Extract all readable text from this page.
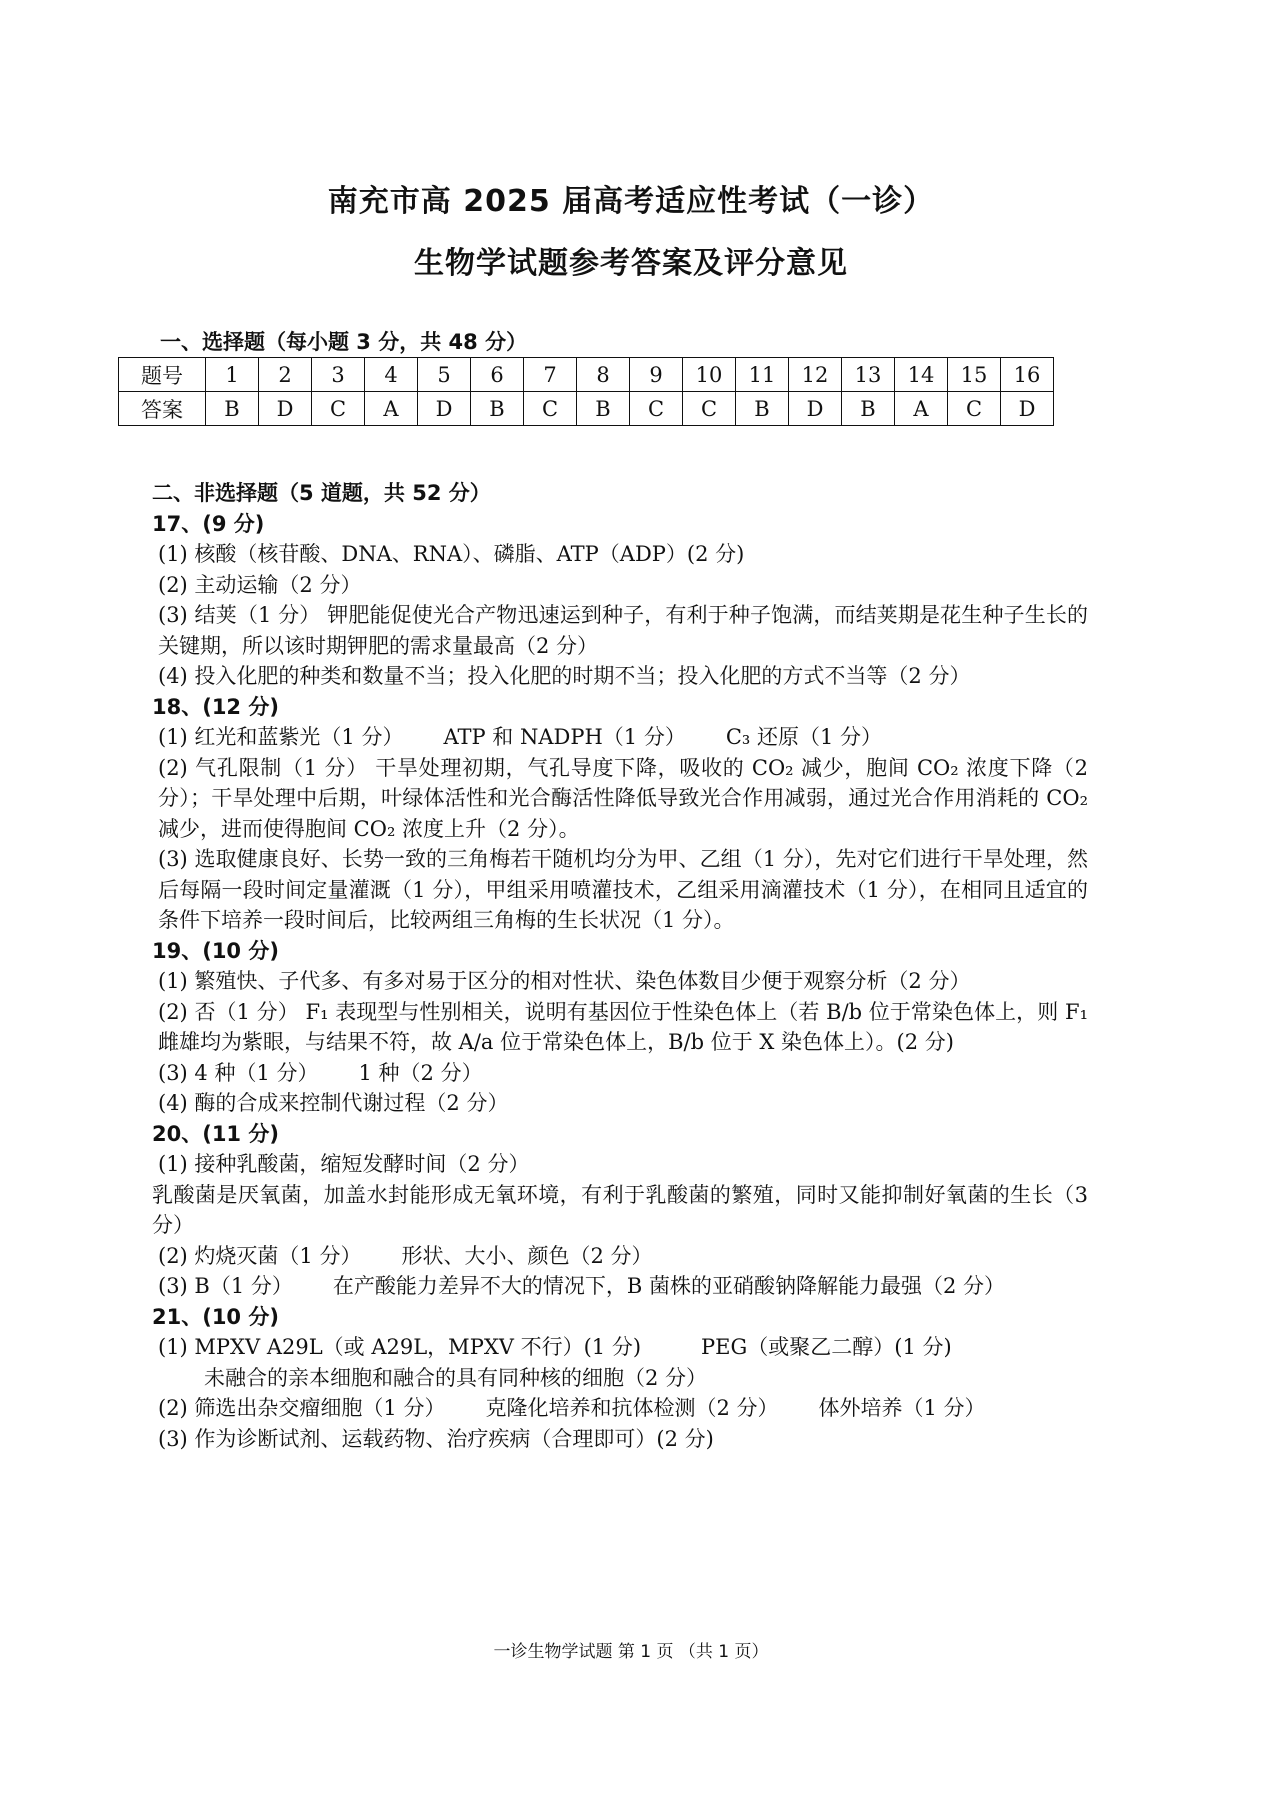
南充市高 2025 届高考适应性考试（一诊）
生物学试题参考答案及评分意见
一、选择题（每小题 3 分，共 48 分）
题号	1	2	3	4	5	6	7	8	9	10	11	12	13	14	15	16
答案	B	D	C	A	D	B	C	B	C	C	B	D	B	A	C	D
二、非选择题（5 道题，共 52 分）
17、(9 分)
(1) 核酸（核苷酸、DNA、RNA）、磷脂、ATP（ADP）(2 分)
(2) 主动运输（2 分）
(3) 结荚（1 分） 钾肥能促使光合产物迅速运到种子，有利于种子饱满，而结荚期是花生种子生长的关键期，所以该时期钾肥的需求量最高（2 分）
(4) 投入化肥的种类和数量不当；投入化肥的时期不当；投入化肥的方式不当等（2 分）
18、(12 分)
(1) 红光和蓝紫光（1 分） ATP 和 NADPH（1 分） C₃ 还原（1 分）
(2) 气孔限制（1 分） 干旱处理初期，气孔导度下降，吸收的 CO₂ 减少，胞间 CO₂ 浓度下降（2 分）；干旱处理中后期，叶绿体活性和光合酶活性降低导致光合作用减弱，通过光合作用消耗的 CO₂ 减少，进而使得胞间 CO₂ 浓度上升（2 分）。
(3) 选取健康良好、长势一致的三角梅若干随机均分为甲、乙组（1 分），先对它们进行干旱处理，然后每隔一段时间定量灌溉（1 分），甲组采用喷灌技术，乙组采用滴灌技术（1 分），在相同且适宜的条件下培养一段时间后，比较两组三角梅的生长状况（1 分）。
19、(10 分)
(1) 繁殖快、子代多、有多对易于区分的相对性状、染色体数目少便于观察分析（2 分）
(2) 否（1 分） F₁ 表现型与性别相关，说明有基因位于性染色体上（若 B/b 位于常染色体上，则 F₁ 雌雄均为紫眼，与结果不符，故 A/a 位于常染色体上，B/b 位于 X 染色体上）。(2 分)
(3) 4 种（1 分） 1 种（2 分）
(4) 酶的合成来控制代谢过程（2 分）
20、(11 分)
(1) 接种乳酸菌，缩短发酵时间（2 分）
乳酸菌是厌氧菌，加盖水封能形成无氧环境，有利于乳酸菌的繁殖，同时又能抑制好氧菌的生长（3 分）
(2) 灼烧灭菌（1 分） 形状、大小、颜色（2 分）
(3) B（1 分） 在产酸能力差异不大的情况下，B 菌株的亚硝酸钠降解能力最强（2 分）
21、(10 分)
(1) MPXV A29L（或 A29L，MPXV 不行）(1 分)	PEG（或聚乙二醇）(1 分)
未融合的亲本细胞和融合的具有同种核的细胞（2 分）
(2) 筛选出杂交瘤细胞（1 分） 克隆化培养和抗体检测（2 分） 体外培养（1 分）
(3) 作为诊断试剂、运载药物、治疗疾病（合理即可）(2 分)
一诊生物学试题 第 1 页 （共 1 页）
